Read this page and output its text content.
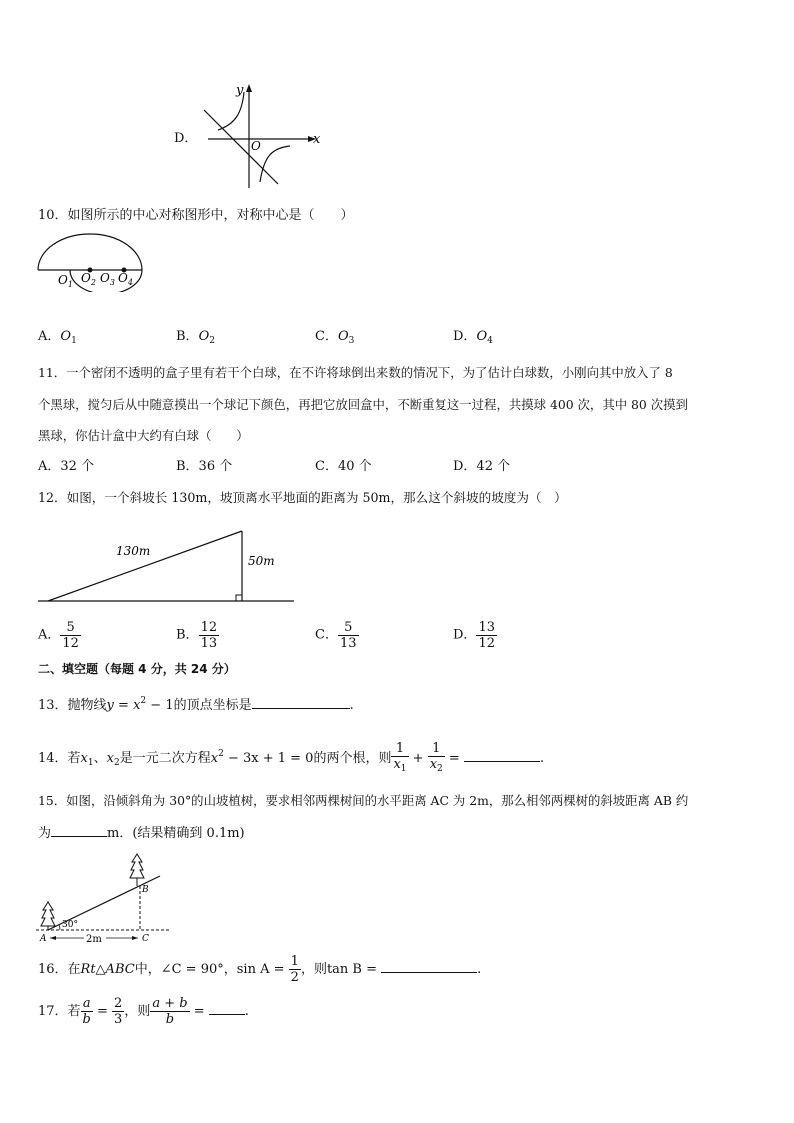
D．	x
y
O
10．如图所示的中心对称图形中，对称中心是（　　）
$O_1$ $O_2$ $O_3$ $O_4$
A．$O_1$	B．$O_2$	C．$O_3$	D．$O_4$
11．一个密闭不透明的盒子里有若干个白球，在不许将球倒出来数的情况下，为了估计白球数，小刚向其中放入了 8
个黑球，搅匀后从中随意摸出一个球记下颜色，再把它放回盒中，不断重复这一过程，共摸球 400 次，其中 80 次摸到
黑球，你估计盒中大约有白球（　　）
A．32 个	B．36 个	C．40 个	D．42 个
12．如图，一个斜坡长 130m，坡顶离水平地面的距离为 50m，那么这个斜坡的坡度为（　）
130m
50m
A． $\frac{5}{12}$	B． $\frac{12}{13}$	C． $\frac{5}{13}$	D． $\frac{13}{12}$
二、填空题（每题 4 分，共 24 分）
13．抛物线$y = x^2 - 1$的顶点坐标是	.
14．若$x_1$、$x_2$是一元二次方程$x^2 - 3x + 1 = 0$的两个根，则 $\frac{1}{x_1} + \frac{1}{x_2}$ =	.
15．如图，沿倾斜角为 30°的山坡植树，要求相邻两棵树间的水平距离 AC 为 2m，那么相邻两棵树的斜坡距离 AB 约
为	m．(结果精确到 0.1m)
30°
2m
A
B
C
16．在Rt△ABC中，∠C = 90°，$\sin A = \frac{1}{2}$ ，则tan B =	.
17．若 $\frac{a}{b} = \frac{2}{3}$ ，则 $\frac{a + b}{b}$ =	.
